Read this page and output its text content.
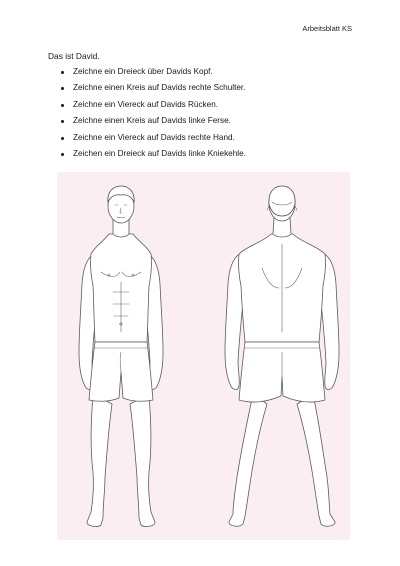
Arbeitsblatt KS
Das ist David.
Zeichne ein Dreieck über Davids Kopf.
Zeichne einen Kreis auf Davids rechte Schulter.
Zeichne ein Viereck auf Davids Rücken.
Zeichne einen Kreis auf Davids linke Ferse.
Zeichne ein Viereck auf Davids rechte Hand.
Zeichen ein Dreieck auf Davids linke Kniekehle.
